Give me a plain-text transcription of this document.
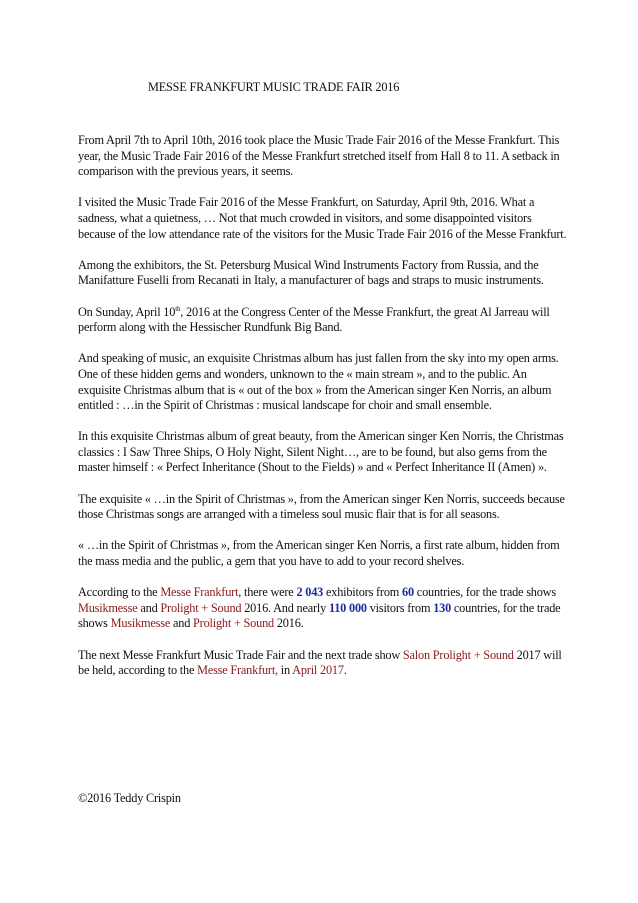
MESSE FRANKFURT MUSIC TRADE FAIR 2016

From April 7th to April 10th, 2016 took place the Music Trade Fair 2016 of the Messe Frankfurt. This year, the Music Trade Fair 2016 of the Messe Frankfurt stretched itself from Hall 8 to 11. A setback in comparison with the previous years, it seems.

I visited the Music Trade Fair 2016 of the Messe Frankfurt, on Saturday, April 9th, 2016. What a sadness, what a quietness, … Not that much crowded in visitors, and some disappointed visitors because of the low attendance rate of the visitors for the Music Trade Fair 2016 of the Messe Frankfurt.

Among the exhibitors, the St. Petersburg Musical Wind Instruments Factory from Russia, and the Manifatture Fuselli from Recanati in Italy, a manufacturer of bags and straps to music instruments.

On Sunday, April 10th, 2016 at the Congress Center of the Messe Frankfurt, the great Al Jarreau will perform along with the Hessischer Rundfunk Big Band.

And speaking of music, an exquisite Christmas album has just fallen from the sky into my open arms. One of these hidden gems and wonders, unknown to the « main stream », and to the public. An exquisite Christmas album that is « out of the box » from the American singer Ken Norris, an album entitled : …in the Spirit of Christmas : musical landscape for choir and small ensemble.

In this exquisite Christmas album of great beauty, from the American singer Ken Norris, the Christmas classics : I Saw Three Ships, O Holy Night, Silent Night…, are to be found, but also gems from the master himself : « Perfect Inheritance (Shout to the Fields) » and « Perfect Inheritance II (Amen) ».

The exquisite « …in the Spirit of Christmas », from the American singer Ken Norris, succeeds because those Christmas songs are arranged with a timeless soul music flair that is for all seasons.

« …in the Spirit of Christmas », from the American singer Ken Norris, a first rate album, hidden from the mass media and the public, a gem that you have to add to your record shelves.

According to the Messe Frankfurt, there were 2 043 exhibitors from 60 countries, for the trade shows Musikmesse and Prolight + Sound 2016. And nearly 110 000 visitors from 130 countries, for the trade shows Musikmesse and Prolight + Sound 2016.

The next Messe Frankfurt Music Trade Fair and the next trade show Salon Prolight + Sound 2017 will be held, according to the Messe Frankfurt, in April 2017.

©2016 Teddy Crispin
